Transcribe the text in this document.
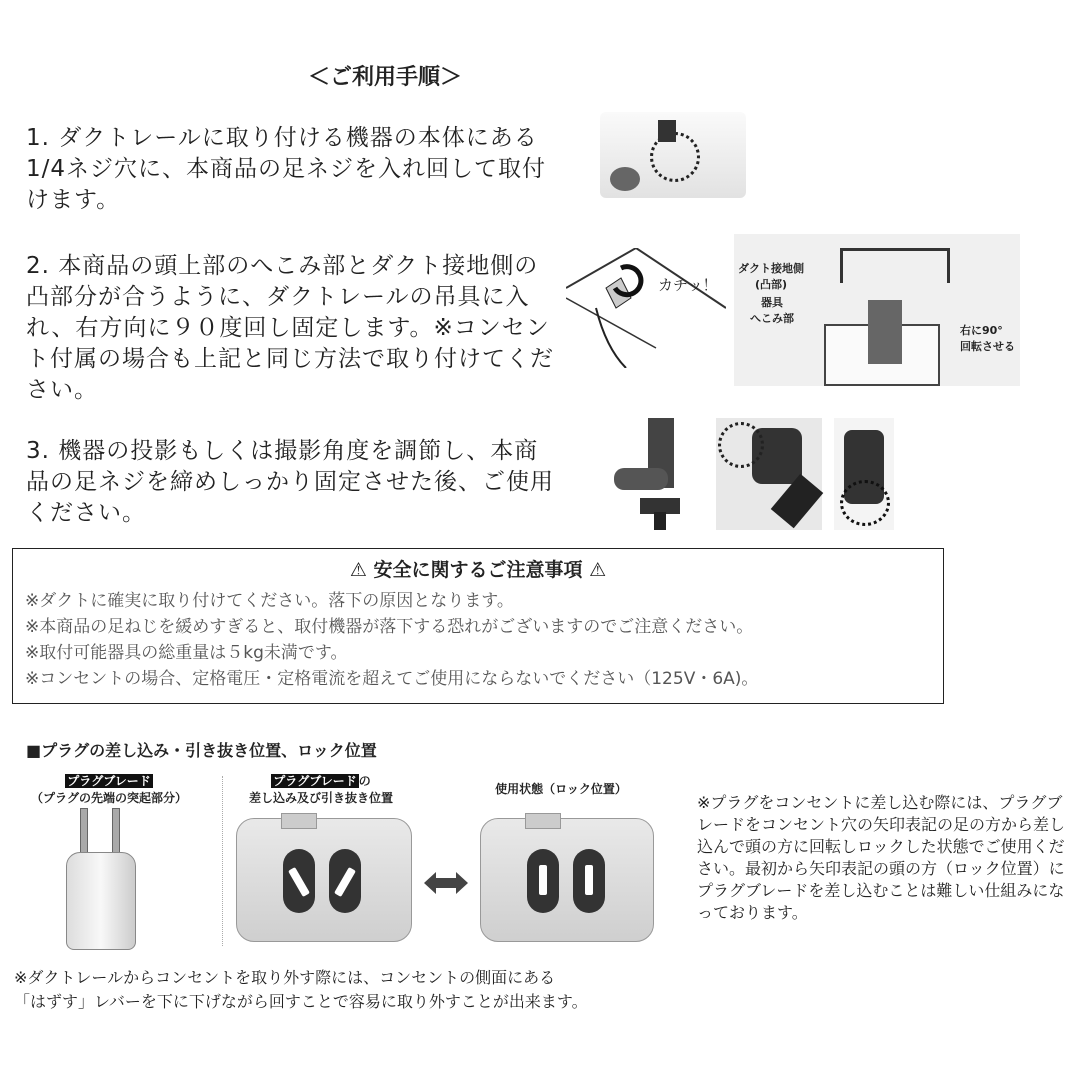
＜ご利用手順＞
1. ダクトレールに取り付ける機器の本体にある1/4ネジ穴に、本商品の足ネジを入れ回して取付けます。
2. 本商品の頭上部のへこみ部とダクト接地側の凸部分が合うように、ダクトレールの吊具に入れ、右方向に９０度回し固定します。※コンセント付属の場合も上記と同じ方法で取り付けてください。
3. 機器の投影もしくは撮影角度を調節し、本商品の足ネジを締めしっかり固定させた後、ご使用ください。
カチッ！
ダクト接地側
(凸部)
器具
へこみ部
右に90°
回転させる
⚠ 安全に関するご注意事項 ⚠
※ダクトに確実に取り付けてください。落下の原因となります。
※本商品の足ねじを緩めすぎると、取付機器が落下する恐れがございますのでご注意ください。
※取付可能器具の総重量は５kg未満です。
※コンセントの場合、定格電圧・定格電流を超えてご使用にならないでください（125V・6A)。
■プラグの差し込み・引き抜き位置、ロック位置
プラグブレード
（プラグの先端の突起部分）
プラグブレード の
差し込み及び引き抜き位置
使用状態（ロック位置）
※プラグをコンセントに差し込む際には、プラグブレードをコンセント穴の矢印表記の足の方から差し込んで頭の方に回転しロックした状態でご使用ください。最初から矢印表記の頭の方（ロック位置）にプラグブレードを差し込むことは難しい仕組みになっております。
※ダクトレールからコンセントを取り外す際には、コンセントの側面にある
「はずす」レバーを下に下げながら回すことで容易に取り外すことが出来ます。
